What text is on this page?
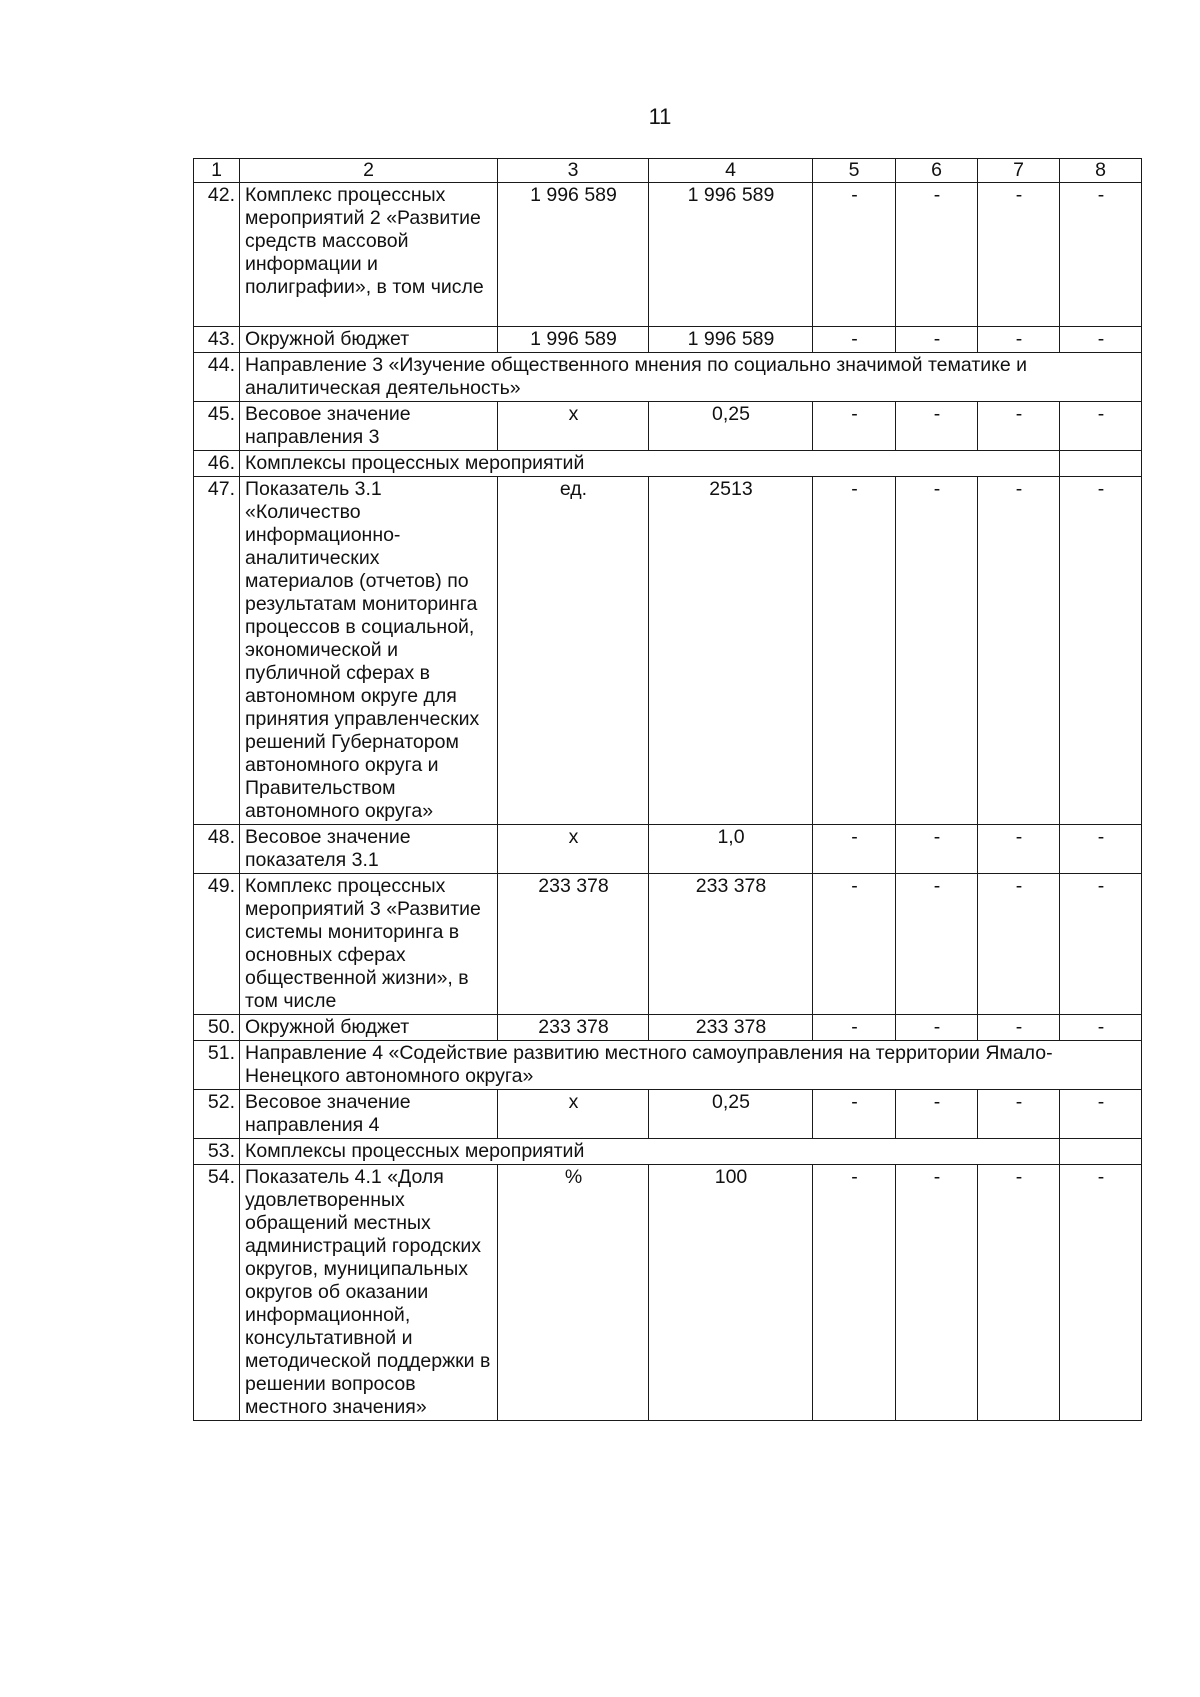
11
1	2	3	4	5	6	7	8
42.	Комплекс процессных мероприятий 2 «Развитие средств массовой информации и полиграфии», в том числе	1 996 589	1 996 589	-	-	-	-
43.	Окружной бюджет	1 996 589	1 996 589	-	-	-	-
44.	Направление 3 «Изучение общественного мнения по социально значимой тематике и аналитическая деятельность»						
45.	Весовое значение направления 3	х	0,25	-	-	-	-
46.	Комплексы процессных мероприятий						
47.	Показатель 3.1 «Количество информационно-аналитических материалов (отчетов) по результатам мониторинга процессов в социальной, экономической и публичной сферах в автономном округе для принятия управленческих решений Губернатором автономного округа и Правительством автономного округа»	ед.	2513	-	-	-	-
48.	Весовое значение показателя 3.1	х	1,0	-	-	-	-
49.	Комплекс процессных мероприятий 3 «Развитие системы мониторинга в основных сферах общественной жизни», в том числе	233 378	233 378	-	-	-	-
50.	Окружной бюджет	233 378	233 378	-	-	-	-
51.	Направление 4 «Содействие развитию местного самоуправления на территории Ямало-Ненецкого автономного округа»						
52.	Весовое значение направления 4	х	0,25	-	-	-	-
53.	Комплексы процессных мероприятий						
54.	Показатель 4.1 «Доля удовлетворенных обращений местных администраций городских округов, муниципальных округов об оказании информационной, консультативной и методической поддержки в решении вопросов местного значения»	%	100	-	-	-	-
